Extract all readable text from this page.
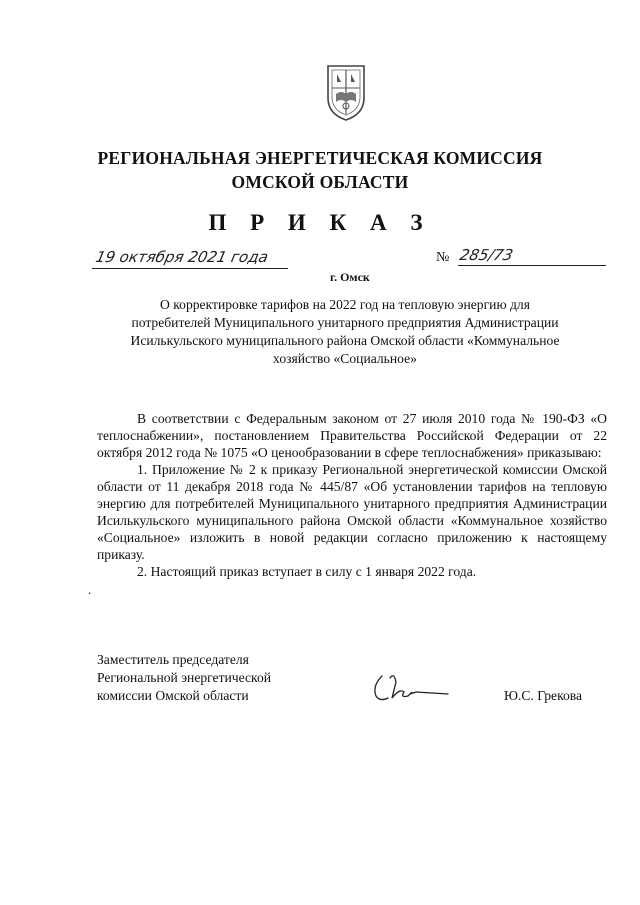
РЕГИОНАЛЬНАЯ ЭНЕРГЕТИЧЕСКАЯ КОМИССИЯ
ОМСКОЙ ОБЛАСТИ
П Р И К А З
19 октября 2021 года
г. Омск
№ 285/73
О корректировке тарифов на 2022 год на тепловую энергию для потребителей Муниципального унитарного предприятия Администрации Исилькульского муниципального района Омской области «Коммунальное хозяйство «Социальное»

В соответствии с Федеральным законом от 27 июля 2010 года № 190-ФЗ «О теплоснабжении», постановлением Правительства Российской Федерации от 22 октября 2012 года № 1075 «О ценообразовании в сфере теплоснабжения» приказываю:

1. Приложение № 2 к приказу Региональной энергетической комиссии Омской области от 11 декабря 2018 года № 445/87 «Об установлении тарифов на тепловую энергию для потребителей Муниципального унитарного предприятия Администрации Исилькульского муниципального района Омской области «Коммунальное хозяйство «Социальное» изложить в новой редакции согласно приложению к настоящему приказу.

2. Настоящий приказ вступает в силу с 1 января 2022 года.

.
Заместитель председателя
Региональной энергетической
комиссии Омской области	Ю.С. Грекова
